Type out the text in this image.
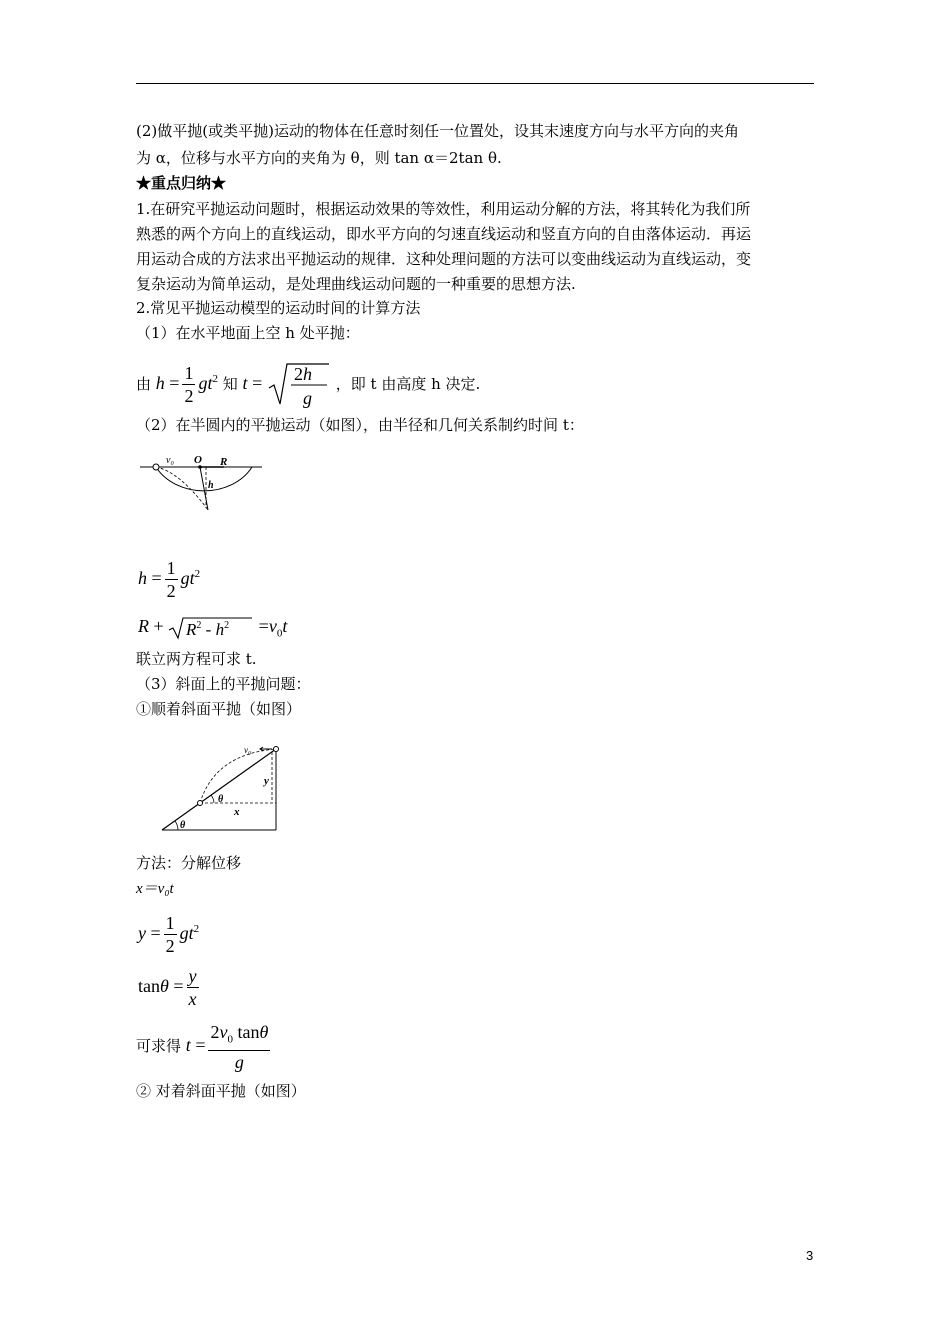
(2)做平抛(或类平抛)运动的物体在任意时刻任一位置处，设其末速度方向与水平方向的夹角
为 α，位移与水平方向的夹角为 θ，则 tan α＝2tan θ.
★重点归纳★
1.在研究平抛运动问题时，根据运动效果的等效性，利用运动分解的方法，将其转化为我们所
熟悉的两个方向上的直线运动，即水平方向的匀速直线运动和竖直方向的自由落体运动．再运
用运动合成的方法求出平抛运动的规律．这种处理问题的方法可以变曲线运动为直线运动，变
复杂运动为简单运动，是处理曲线运动问题的一种重要的思想方法.
2.常见平抛运动模型的运动时间的计算方法
（1）在水平地面上空 h 处平抛：
由 $h = \frac{1}{2} gt^2$ 知 t = 2h
g
，即 t 由高度 h 决定.
（2）在半圆内的平抛运动（如图），由半径和几何关系制约时间 t：
v₀ O R
h
$h = \frac{1}{2} gt^2$
$R + R^2 - h^2 =v_0t$
联立两方程可求 t.
（3）斜面上的平抛问题：
①顺着斜面平抛（如图）
v₀
y
x
θ
θ
方法：分解位移
x＝v₀t
$y = \frac{1}{2} gt^2$
$\tan\theta = \frac{y}{x}$
可求得 $t = \frac{2v_0 \tan\theta}{g}$
② 对着斜面平抛（如图）
3
